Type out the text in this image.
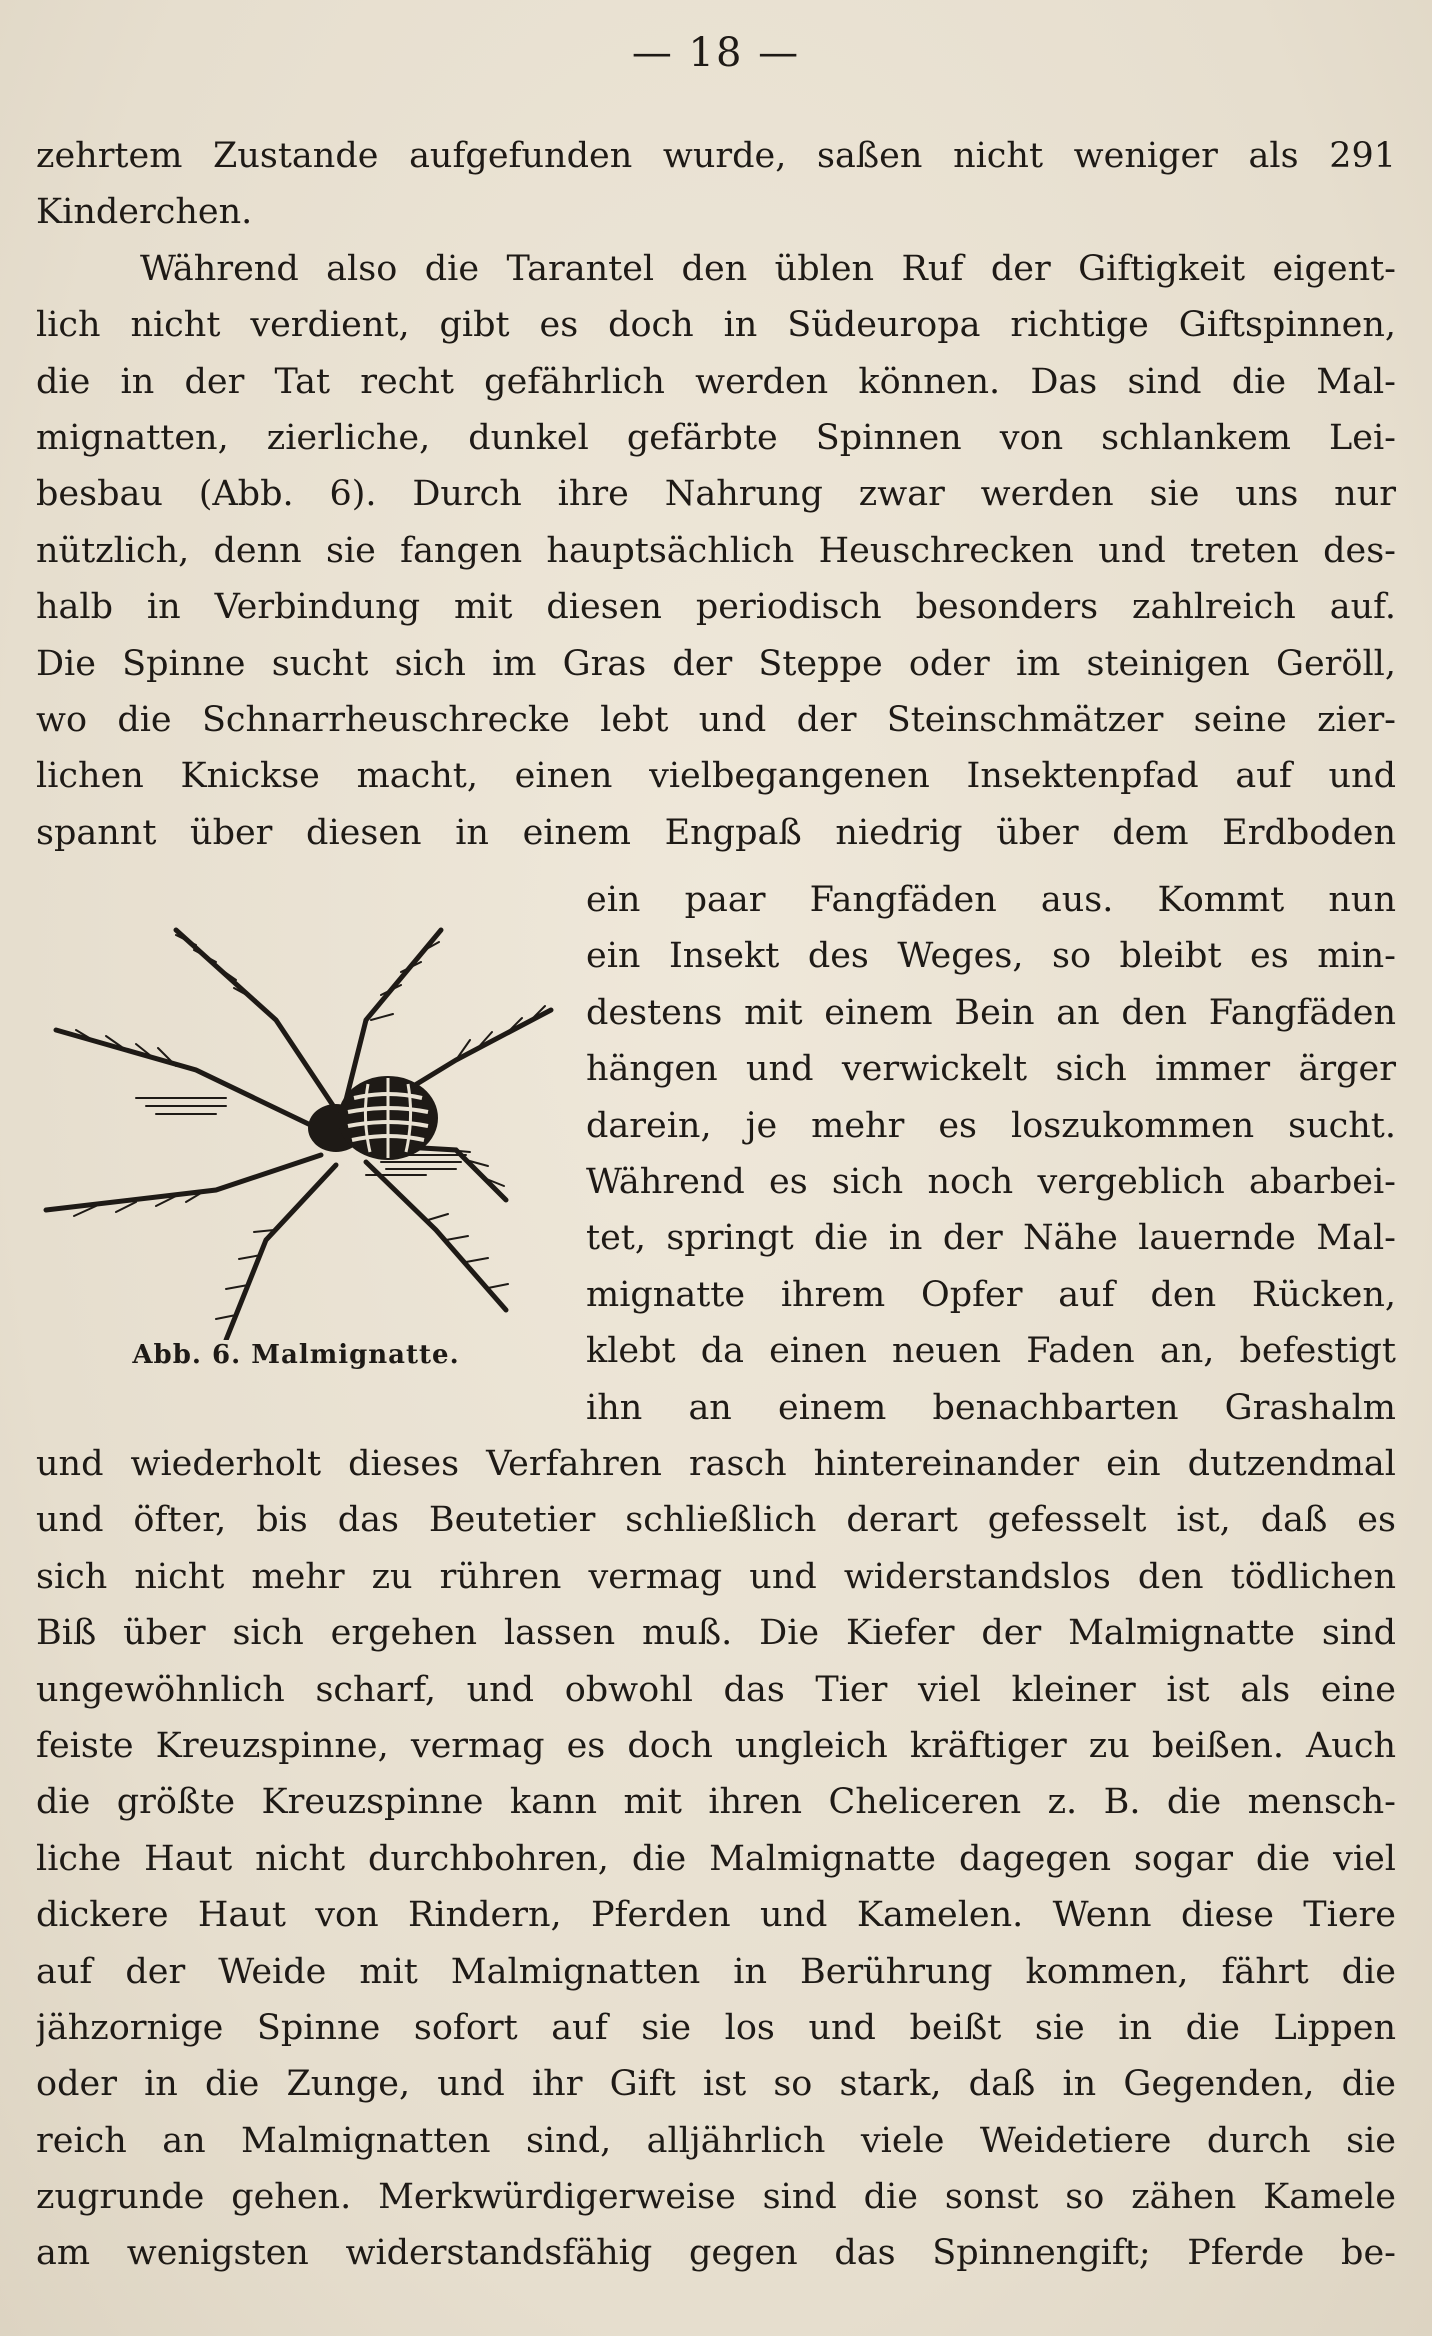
— 18 —
zehrtem Zustande aufgefunden wurde, saßen nicht weniger als 291
Kinderchen.
Während also die Tarantel den üblen Ruf der Giftigkeit eigent-
lich nicht verdient, gibt es doch in Südeuropa richtige Giftspinnen,
die in der Tat recht gefährlich werden können. Das sind die Mal-
mignatten, zierliche, dunkel gefärbte Spinnen von schlankem Lei-
besbau (Abb. 6). Durch ihre Nahrung zwar werden sie uns nur
nützlich, denn sie fangen hauptsächlich Heuschrecken und treten des-
halb in Verbindung mit diesen periodisch besonders zahlreich auf.
Die Spinne sucht sich im Gras der Steppe oder im steinigen Geröll,
wo die Schnarrheuschrecke lebt und der Steinschmätzer seine zier-
lichen Knickse macht, einen vielbegangenen Insektenpfad auf und
spannt über diesen in einem Engpaß niedrig über dem Erdboden
Abb. 6. Malmignatte.
ein paar Fangfäden aus. Kommt nun
ein Insekt des Weges, so bleibt es min-
destens mit einem Bein an den Fangfäden
hängen und verwickelt sich immer ärger
darein, je mehr es loszukommen sucht.
Während es sich noch vergeblich abarbei-
tet, springt die in der Nähe lauernde Mal-
mignatte ihrem Opfer auf den Rücken,
klebt da einen neuen Faden an, befestigt
ihn an einem benachbarten Grashalm
und wiederholt dieses Verfahren rasch hintereinander ein dutzendmal
und öfter, bis das Beutetier schließlich derart gefesselt ist, daß es
sich nicht mehr zu rühren vermag und widerstandslos den tödlichen
Biß über sich ergehen lassen muß. Die Kiefer der Malmignatte sind
ungewöhnlich scharf, und obwohl das Tier viel kleiner ist als eine
feiste Kreuzspinne, vermag es doch ungleich kräftiger zu beißen. Auch
die größte Kreuzspinne kann mit ihren Cheliceren z. B. die mensch-
liche Haut nicht durchbohren, die Malmignatte dagegen sogar die viel
dickere Haut von Rindern, Pferden und Kamelen. Wenn diese Tiere
auf der Weide mit Malmignatten in Berührung kommen, fährt die
jähzornige Spinne sofort auf sie los und beißt sie in die Lippen
oder in die Zunge, und ihr Gift ist so stark, daß in Gegenden, die
reich an Malmignatten sind, alljährlich viele Weidetiere durch sie
zugrunde gehen. Merkwürdigerweise sind die sonst so zähen Kamele
am wenigsten widerstandsfähig gegen das Spinnengift; Pferde be-
